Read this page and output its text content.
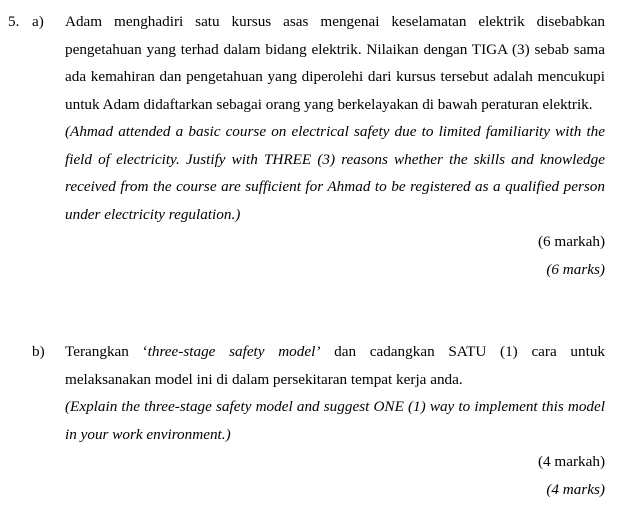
5. a) Adam menghadiri satu kursus asas mengenai keselamatan elektrik disebabkan pengetahuan yang terhad dalam bidang elektrik. Nilaikan dengan TIGA (3) sebab sama ada kemahiran dan pengetahuan yang diperolehi dari kursus tersebut adalah mencukupi untuk Adam didaftarkan sebagai orang yang berkelayakan di bawah peraturan elektrik.

(Ahmad attended a basic course on electrical safety due to limited familiarity with the field of electricity. Justify with THREE (3) reasons whether the skills and knowledge received from the course are sufficient for Ahmad to be registered as a qualified person under electricity regulation.)

(6 markah)

(6 marks)

b) Terangkan ‘three-stage safety model’ dan cadangkan SATU (1) cara untuk melaksanakan model ini di dalam persekitaran tempat kerja anda.

(Explain the three-stage safety model and suggest ONE (1) way to implement this model in your work environment.)

(4 markah)

(4 marks)
